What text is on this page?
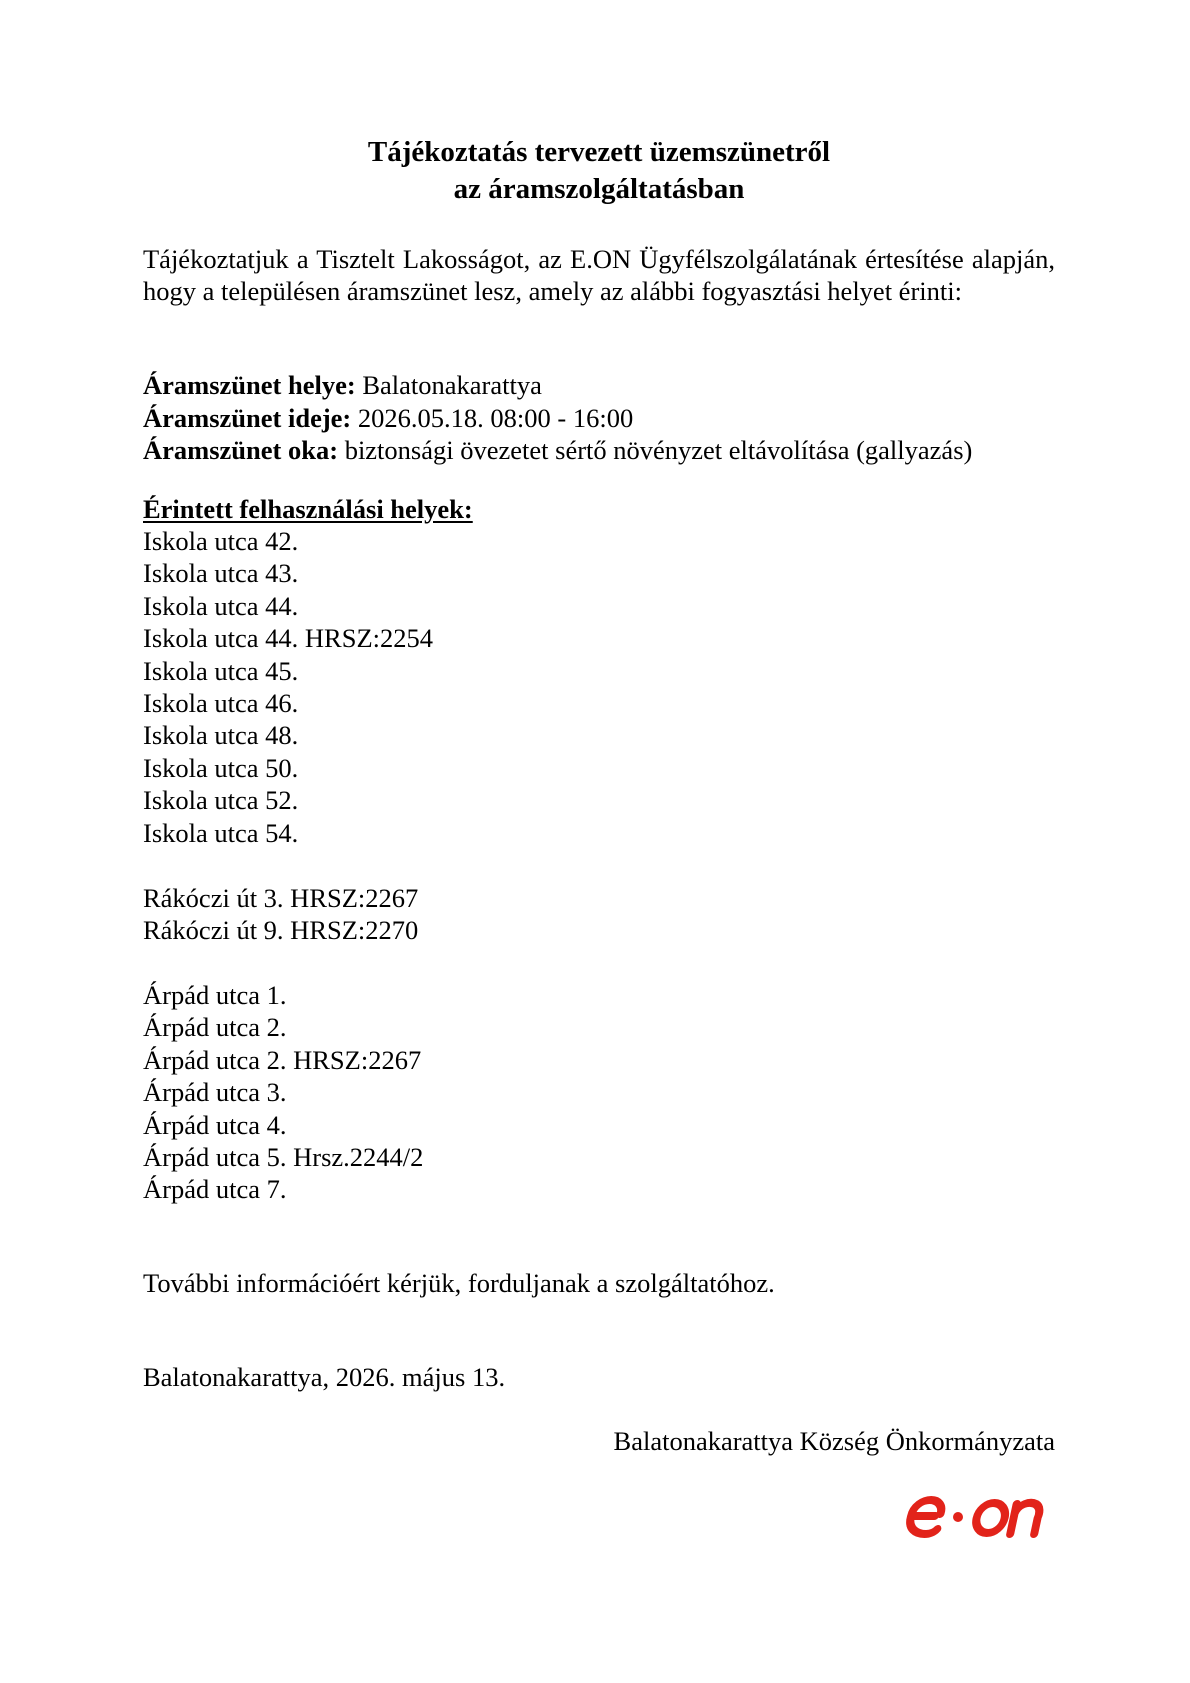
Tájékoztatás tervezett üzemszünetről
az áramszolgáltatásban
Tájékoztatjuk a Tisztelt Lakosságot, az E.ON Ügyfélszolgálatának értesítése alapján, hogy a településen áramszünet lesz, amely az alábbi fogyasztási helyet érinti:
Áramszünet helye: Balatonakarattya
Áramszünet ideje: 2026.05.18. 08:00 - 16:00
Áramszünet oka: biztonsági övezetet sértő növényzet eltávolítása (gallyazás)
Érintett felhasználási helyek:
Iskola utca 42.
Iskola utca 43.
Iskola utca 44.
Iskola utca 44. HRSZ:2254
Iskola utca 45.
Iskola utca 46.
Iskola utca 48.
Iskola utca 50.
Iskola utca 52.
Iskola utca 54.
Rákóczi út 3. HRSZ:2267
Rákóczi út 9. HRSZ:2270
Árpád utca 1.
Árpád utca 2.
Árpád utca 2. HRSZ:2267
Árpád utca 3.
Árpád utca 4.
Árpád utca 5. Hrsz.2244/2
Árpád utca 7.
További információért kérjük, forduljanak a szolgáltatóhoz.
Balatonakarattya, 2026. május 13.
Balatonakarattya Község Önkormányzata
